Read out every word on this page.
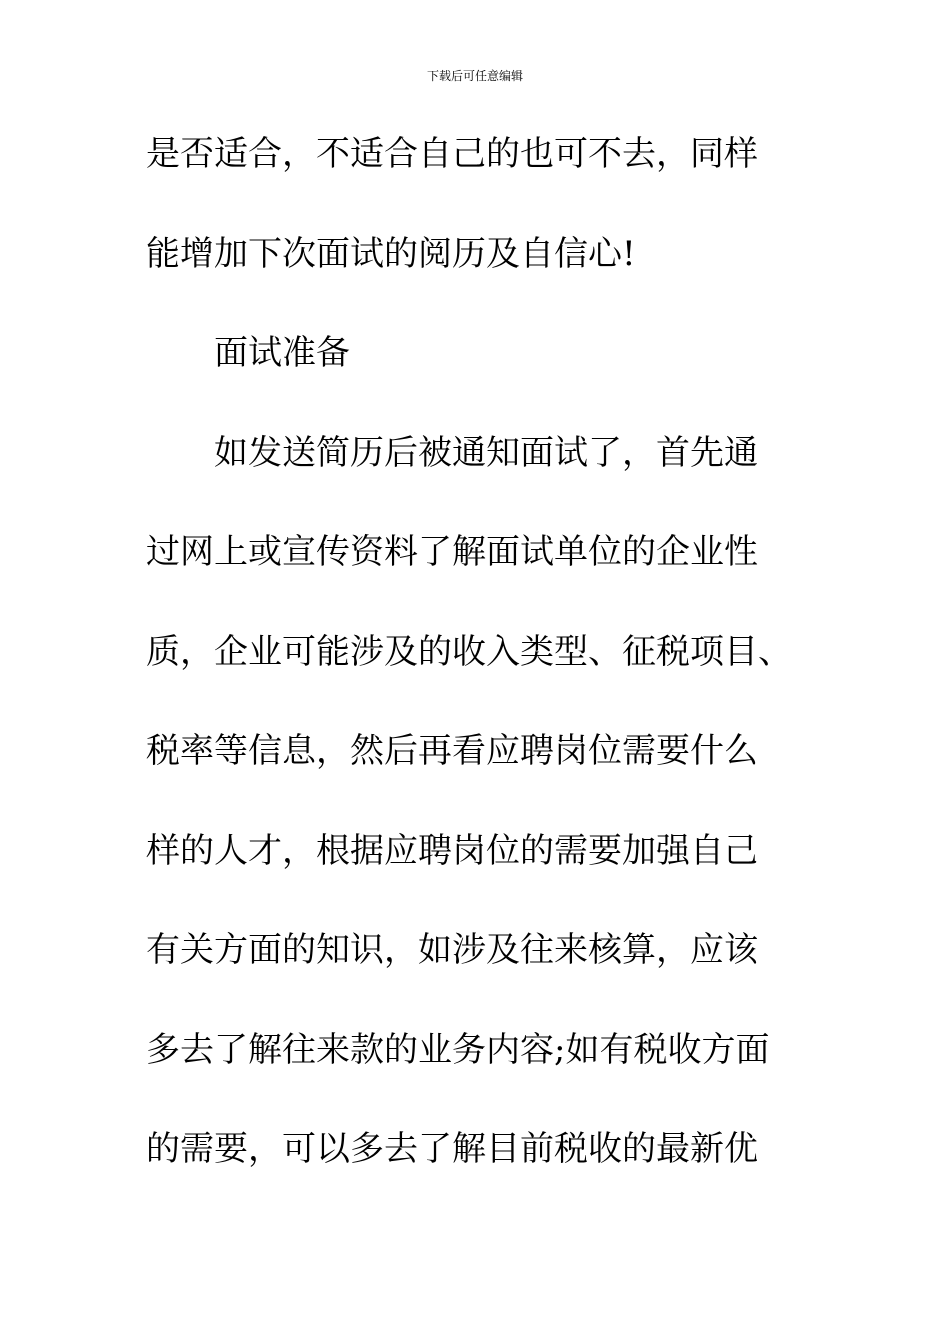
下载后可任意编辑
是否适合，不适合自己的也可不去，同样
能增加下次面试的阅历及自信心!
面试准备
如发送简历后被通知面试了，首先通
过网上或宣传资料了解面试单位的企业性
质，企业可能涉及的收入类型、征税项目、
税率等信息，然后再看应聘岗位需要什么
样的人才，根据应聘岗位的需要加强自己
有关方面的知识，如涉及往来核算，应该
多去了解往来款的业务内容;如有税收方面
的需要，可以多去了解目前税收的最新优
